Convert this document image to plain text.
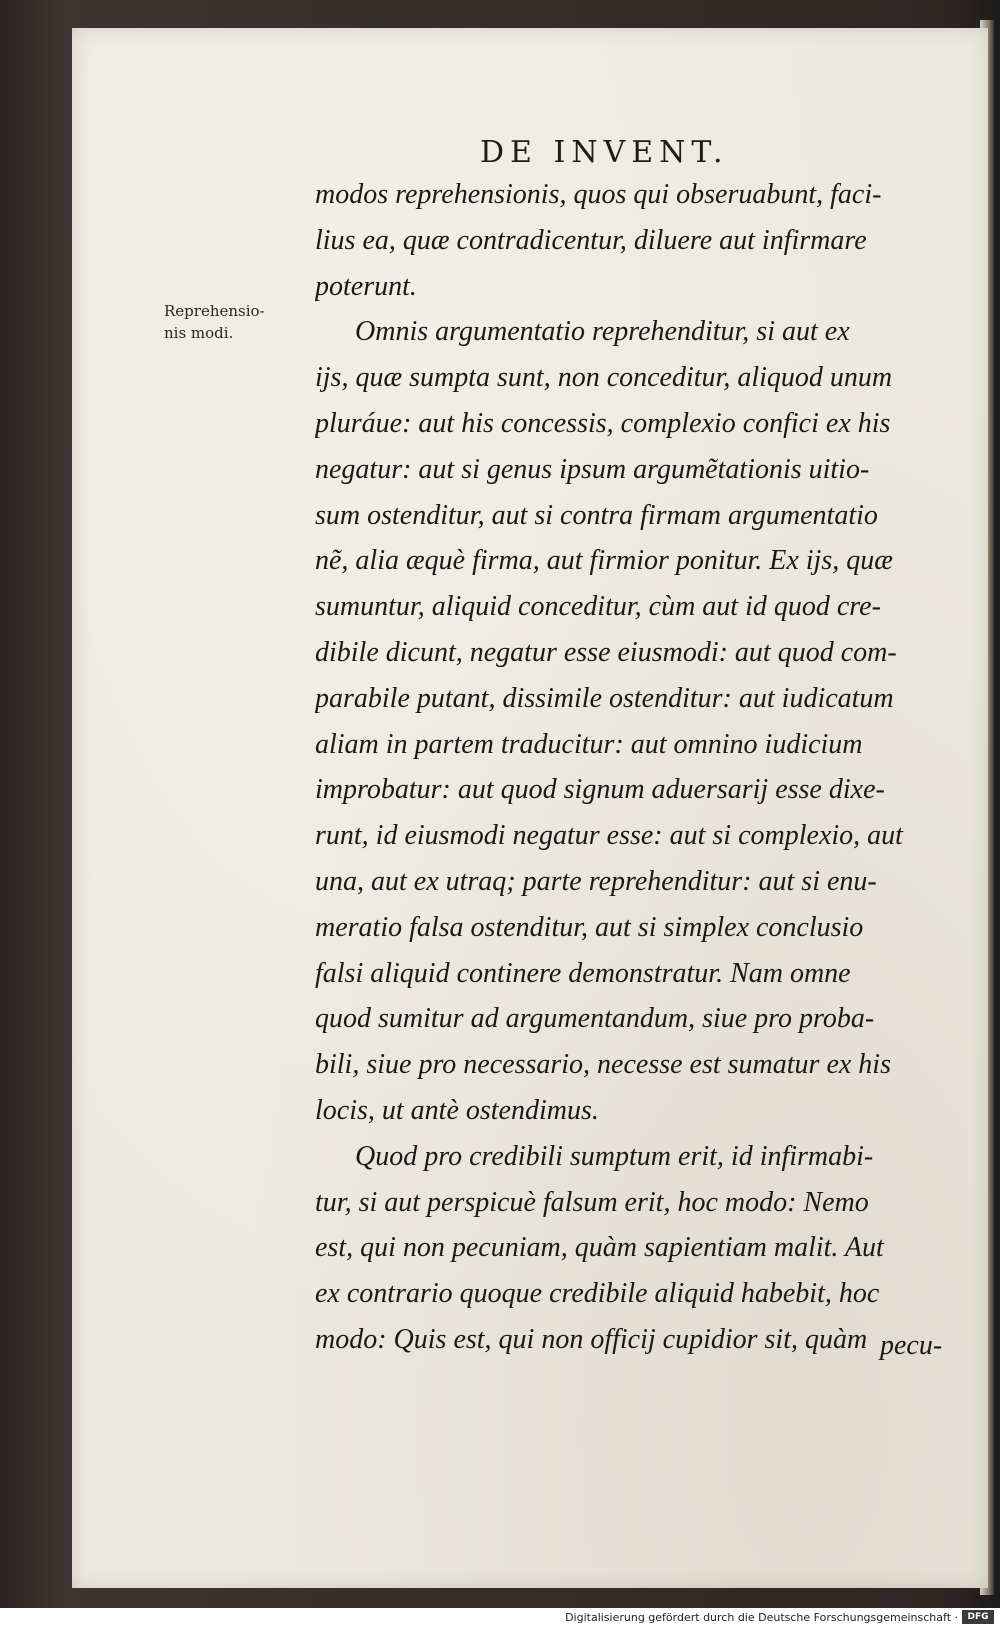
DE INVENT.
Reprehensio-
nis modi.
modos reprehensionis, quos qui obseruabunt, faci-
lius ea, quæ contradicentur, diluere aut infirmare
poterunt.
Omnis argumentatio reprehenditur, si aut ex
ijs, quæ sumpta sunt, non conceditur, aliquod unum
pluráue: aut his concessis, complexio confici ex his
negatur: aut si genus ipsum argumẽtationis uitio-
sum ostenditur, aut si contra firmam argumentatio
nẽ, alia æquè firma, aut firmior ponitur. Ex ijs, quæ
sumuntur, aliquid conceditur, cùm aut id quod cre-
dibile dicunt, negatur esse eiusmodi: aut quod com-
parabile putant, dissimile ostenditur: aut iudicatum
aliam in partem traducitur: aut omnino iudicium
improbatur: aut quod signum aduersarij esse dixe-
runt, id eiusmodi negatur esse: aut si complexio, aut
una, aut ex utraq; parte reprehenditur: aut si enu-
meratio falsa ostenditur, aut si simplex conclusio
falsi aliquid continere demonstratur. Nam omne
quod sumitur ad argumentandum, siue pro proba-
bili, siue pro necessario, necesse est sumatur ex his
locis, ut antè ostendimus.
Quod pro credibili sumptum erit, id infirmabi-
tur, si aut perspicuè falsum erit, hoc modo: Nemo
est, qui non pecuniam, quàm sapientiam malit. Aut
ex contrario quoque credibile aliquid habebit, hoc
modo: Quis est, qui non officij cupidior sit, quàm pecu-
Digitalisierung gefördert durch die Deutsche Forschungsgemeinschaft ·	DFG
